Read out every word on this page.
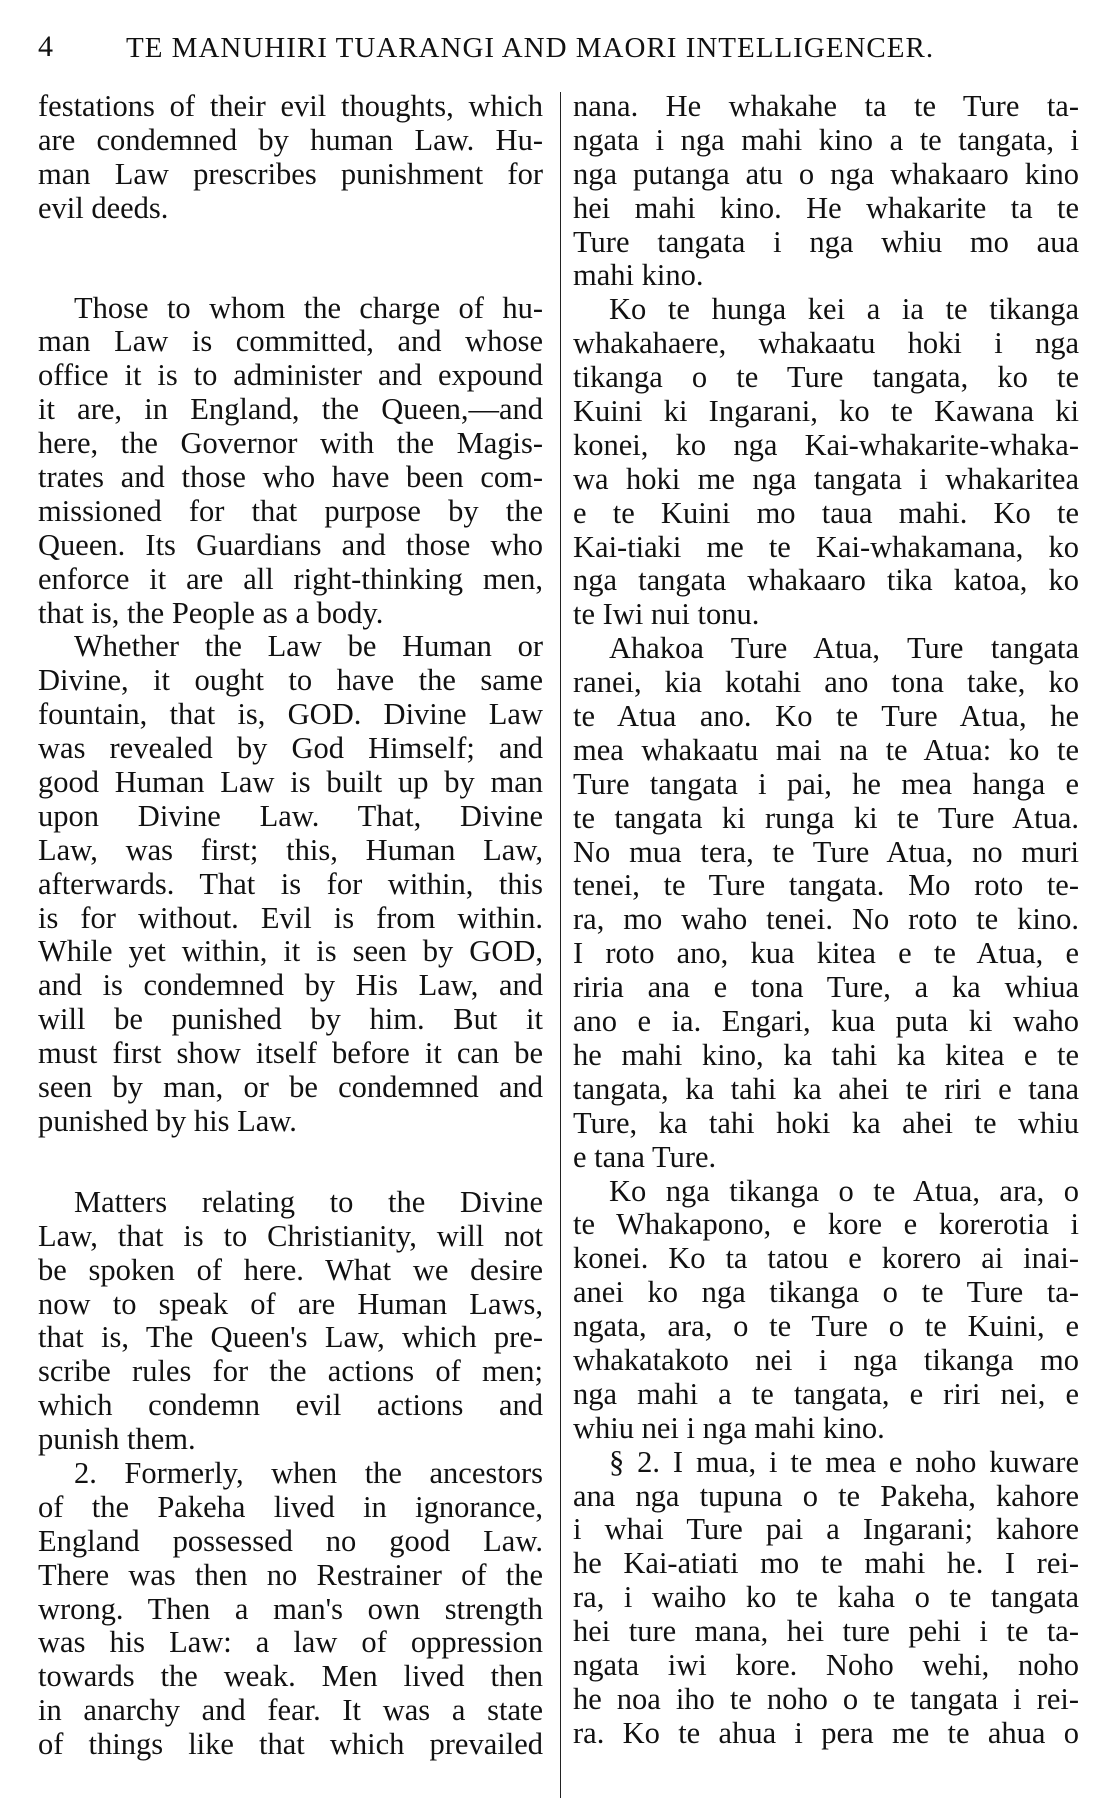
4 TE MANUHIRI TUARANGI AND MAORI INTELLIGENCER.
festations of their evil thoughts, which
are condemned by human Law. Hu-
man Law prescribes punishment for
evil deeds.
Those to whom the charge of hu-
man Law is committed, and whose
office it is to administer and expound
it are, in England, the Queen,—and
here, the Governor with the Magis-
trates and those who have been com-
missioned for that purpose by the
Queen. Its Guardians and those who
enforce it are all right-thinking men,
that is, the People as a body.
Whether the Law be Human or
Divine, it ought to have the same
fountain, that is, GOD. Divine Law
was revealed by God Himself; and
good Human Law is built up by man
upon Divine Law. That, Divine
Law, was first; this, Human Law,
afterwards. That is for within, this
is for without. Evil is from within.
While yet within, it is seen by GOD,
and is condemned by His Law, and
will be punished by him. But it
must first show itself before it can be
seen by man, or be condemned and
punished by his Law.
Matters relating to the Divine
Law, that is to Christianity, will not
be spoken of here. What we desire
now to speak of are Human Laws,
that is, The Queen's Law, which pre-
scribe rules for the actions of men;
which condemn evil actions and
punish them.
2. Formerly, when the ancestors
of the Pakeha lived in ignorance,
England possessed no good Law.
There was then no Restrainer of the
wrong. Then a man's own strength
was his Law: a law of oppression
towards the weak. Men lived then
in anarchy and fear. It was a state
of things like that which prevailed
nana. He whakahe ta te Ture ta-
ngata i nga mahi kino a te tangata, i
nga putanga atu o nga whakaaro kino
hei mahi kino. He whakarite ta te
Ture tangata i nga whiu mo aua
mahi kino.
Ko te hunga kei a ia te tikanga
whakahaere, whakaatu hoki i nga
tikanga o te Ture tangata, ko te
Kuini ki Ingarani, ko te Kawana ki
konei, ko nga Kai-whakarite-whaka-
wa hoki me nga tangata i whakaritea
e te Kuini mo taua mahi. Ko te
Kai-tiaki me te Kai-whakamana, ko
nga tangata whakaaro tika katoa, ko
te Iwi nui tonu.
Ahakoa Ture Atua, Ture tangata
ranei, kia kotahi ano tona take, ko
te Atua ano. Ko te Ture Atua, he
mea whakaatu mai na te Atua: ko te
Ture tangata i pai, he mea hanga e
te tangata ki runga ki te Ture Atua.
No mua tera, te Ture Atua, no muri
tenei, te Ture tangata. Mo roto te-
ra, mo waho tenei. No roto te kino.
I roto ano, kua kitea e te Atua, e
riria ana e tona Ture, a ka whiua
ano e ia. Engari, kua puta ki waho
he mahi kino, ka tahi ka kitea e te
tangata, ka tahi ka ahei te riri e tana
Ture, ka tahi hoki ka ahei te whiu
e tana Ture.
Ko nga tikanga o te Atua, ara, o
te Whakapono, e kore e korerotia i
konei. Ko ta tatou e korero ai inai-
anei ko nga tikanga o te Ture ta-
ngata, ara, o te Ture o te Kuini, e
whakatakoto nei i nga tikanga mo
nga mahi a te tangata, e riri nei, e
whiu nei i nga mahi kino.
§ 2. I mua, i te mea e noho kuware
ana nga tupuna o te Pakeha, kahore
i whai Ture pai a Ingarani; kahore
he Kai-atiati mo te mahi he. I rei-
ra, i waiho ko te kaha o te tangata
hei ture mana, hei ture pehi i te ta-
ngata iwi kore. Noho wehi, noho
he noa iho te noho o te tangata i rei-
ra. Ko te ahua i pera me te ahua o
